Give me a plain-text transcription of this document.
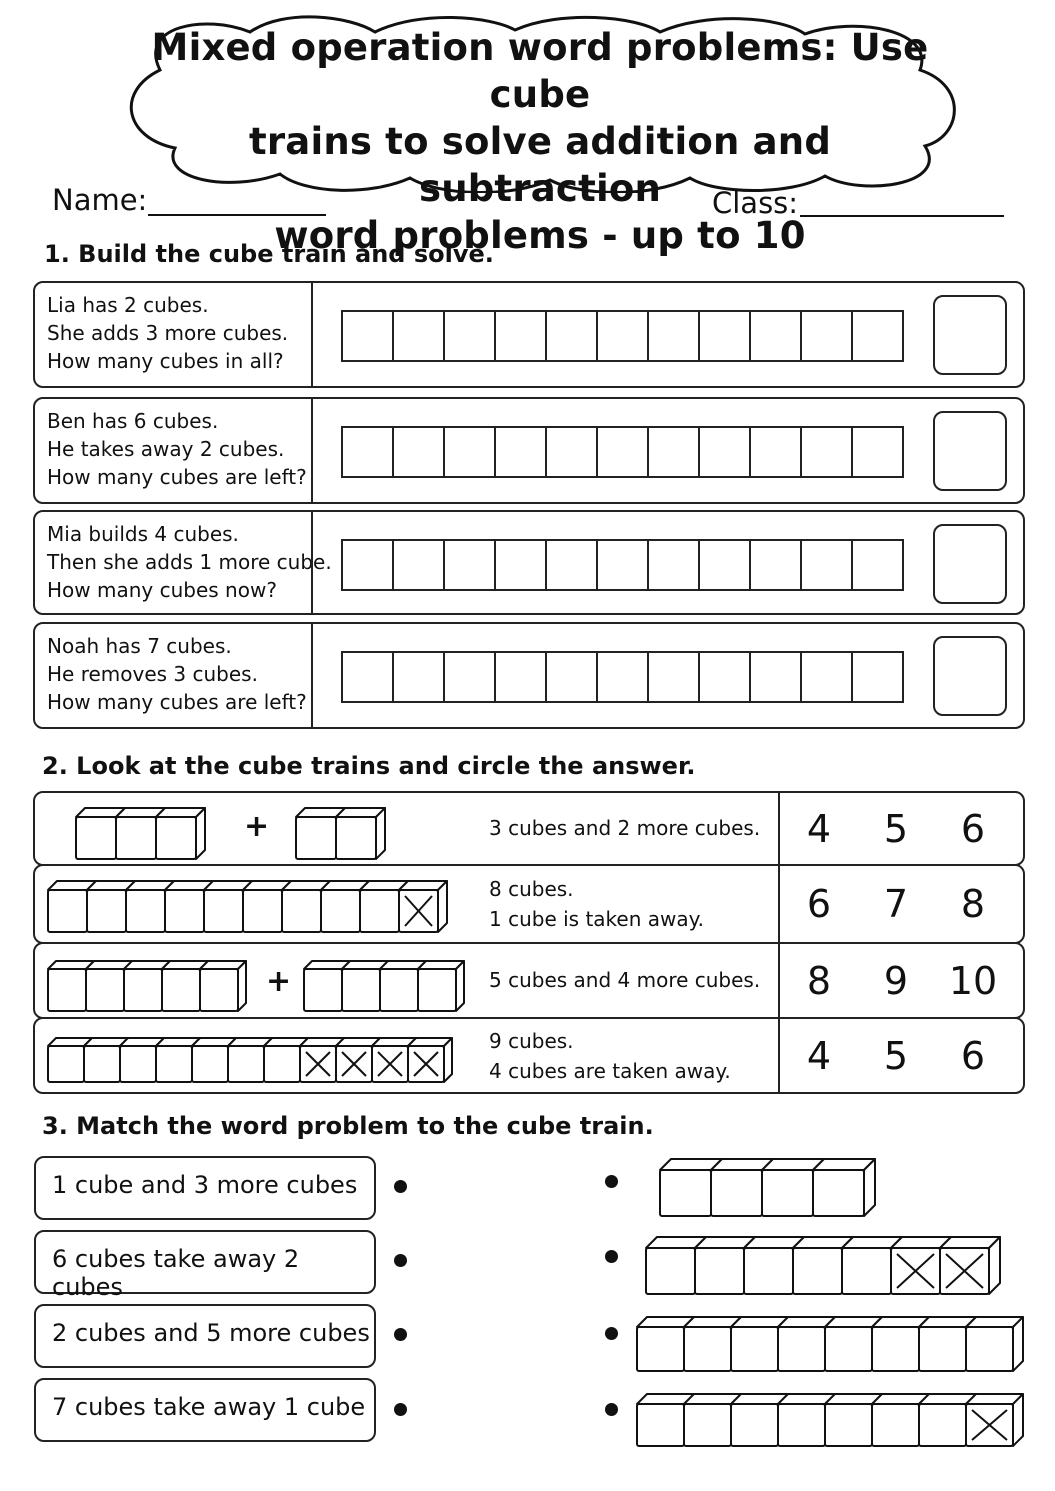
Mixed operation word problems: Use cube
trains to solve addition and subtraction
word problems - up to 10
Name:	Class:
1. Build the cube train and solve.
Lia has 2 cubes.
She adds 3 more cubes.
How many cubes in all?
Ben has 6 cubes.
He takes away 2 cubes.
How many cubes are left?
Mia builds 4 cubes.
Then she adds 1 more cube.
How many cubes now?
Noah has 7 cubes.
He removes 3 cubes.
How many cubes are left?
2. Look at the cube trains and circle the answer.
+	3 cubes and 2 more cubes. 4 5 6
8 cubes.
1 cube is taken away.	6 7 8
+	5 cubes and 4 more cubes. 8 9 10
9 cubes.
4 cubes are taken away. 4 5 6
3. Match the word problem to the cube train.
1 cube and 3 more cubes
6 cubes take away 2 cubes
2 cubes and 5 more cubes
7 cubes take away 1 cube
